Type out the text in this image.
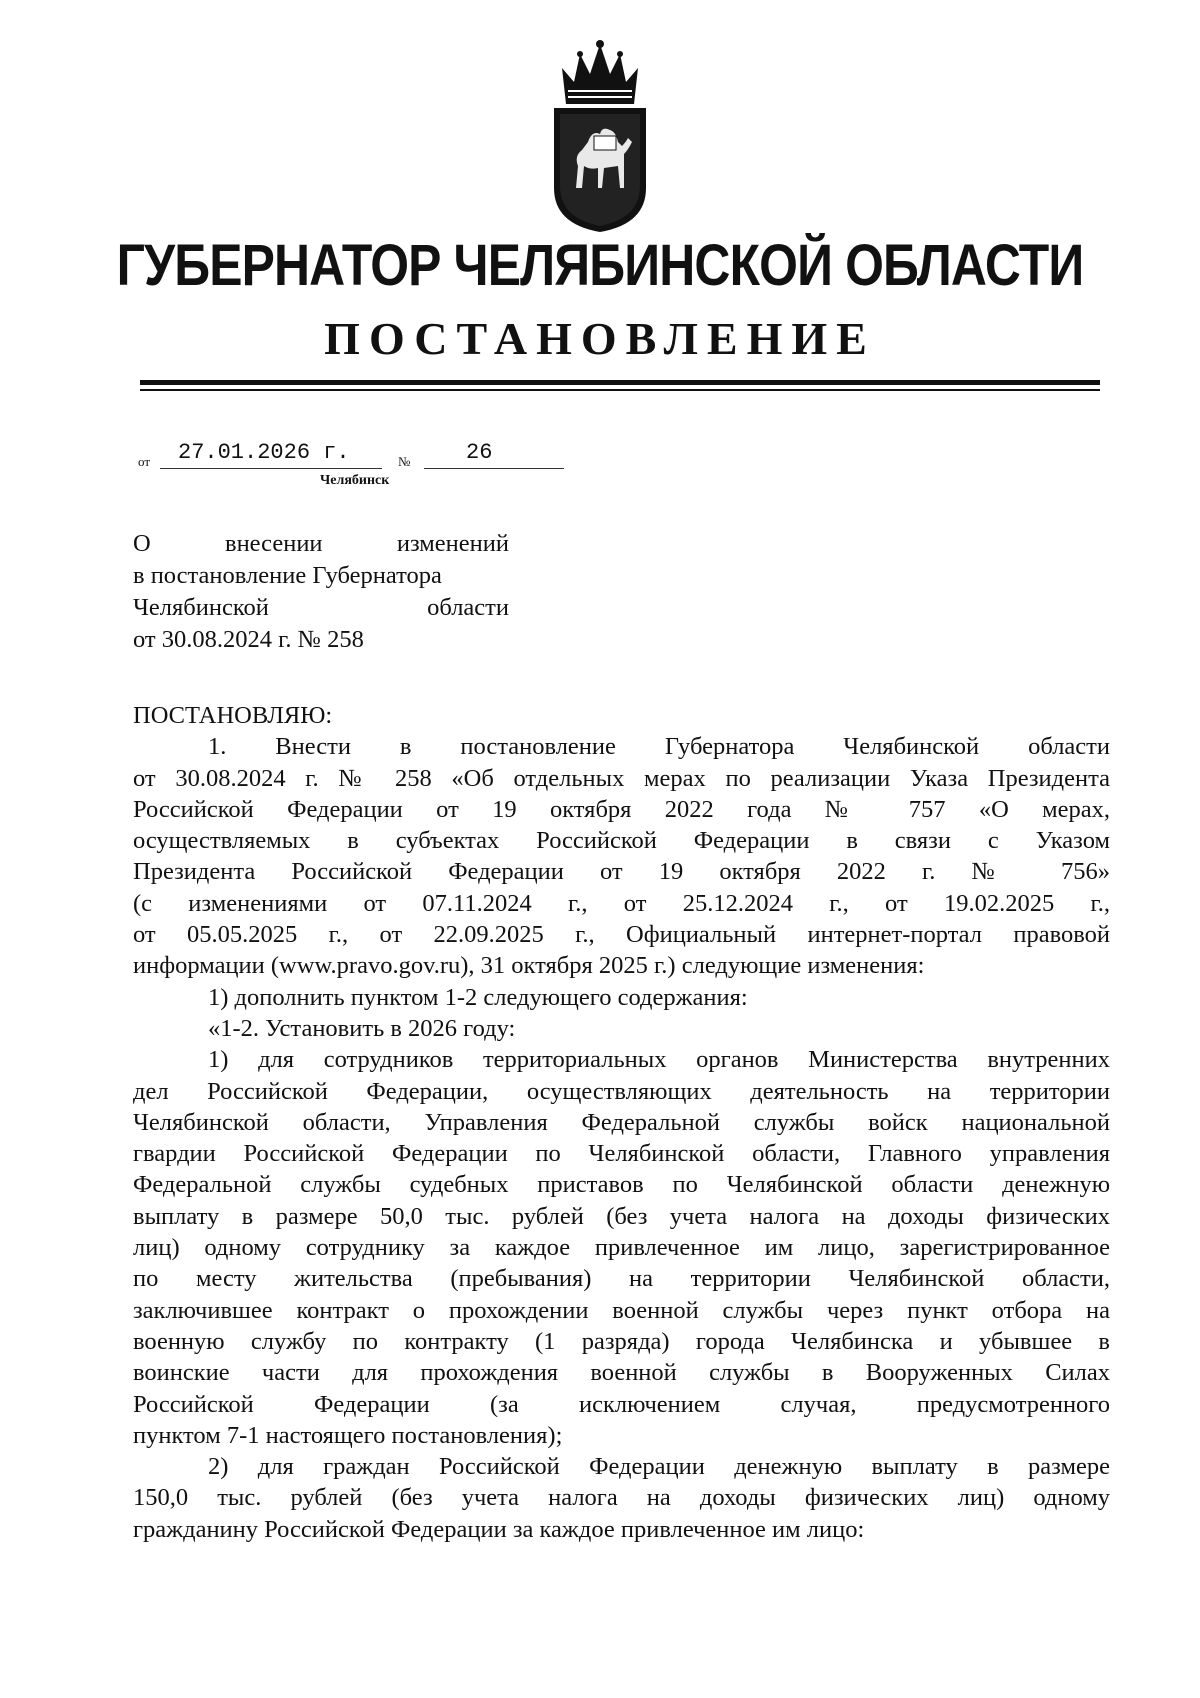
ГУБЕРНАТОР ЧЕЛЯБИНСКОЙ ОБЛАСТИ
ПОСТАНОВЛЕНИЕ
от 27.01.2026 г.	№	26
Челябинск
О внесении изменений
в постановление Губернатора
Челябинской области
от 30.08.2024 г. № 258

ПОСТАНОВЛЯЮ:

1. Внести в постановление Губернатора Челябинской области

от 30.08.2024 г. № 258 «Об отдельных мерах по реализации Указа Президента

Российской Федерации от 19 октября 2022 года № 757 «О мерах,

осуществляемых в субъектах Российской Федерации в связи с Указом

Президента Российской Федерации от 19 октября 2022 г. № 756»

(с изменениями от 07.11.2024 г., от 25.12.2024 г., от 19.02.2025 г.,

от 05.05.2025 г., от 22.09.2025 г., Официальный интернет-портал правовой

информации (www.pravo.gov.ru), 31 октября 2025 г.) следующие изменения:

1) дополнить пунктом 1-2 следующего содержания:

«1-2. Установить в 2026 году:

1) для сотрудников территориальных органов Министерства внутренних

дел Российской Федерации, осуществляющих деятельность на территории

Челябинской области, Управления Федеральной службы войск национальной

гвардии Российской Федерации по Челябинской области, Главного управления

Федеральной службы судебных приставов по Челябинской области денежную

выплату в размере 50,0 тыс. рублей (без учета налога на доходы физических

лиц) одному сотруднику за каждое привлеченное им лицо, зарегистрированное

по месту жительства (пребывания) на территории Челябинской области,

заключившее контракт о прохождении военной службы через пункт отбора на

военную службу по контракту (1 разряда) города Челябинска и убывшее в

воинские части для прохождения военной службы в Вооруженных Силах

Российской Федерации (за исключением случая, предусмотренного

пунктом 7-1 настоящего постановления);

2) для граждан Российской Федерации денежную выплату в размере

150,0 тыс. рублей (без учета налога на доходы физических лиц) одному

гражданину Российской Федерации за каждое привлеченное им лицо:
